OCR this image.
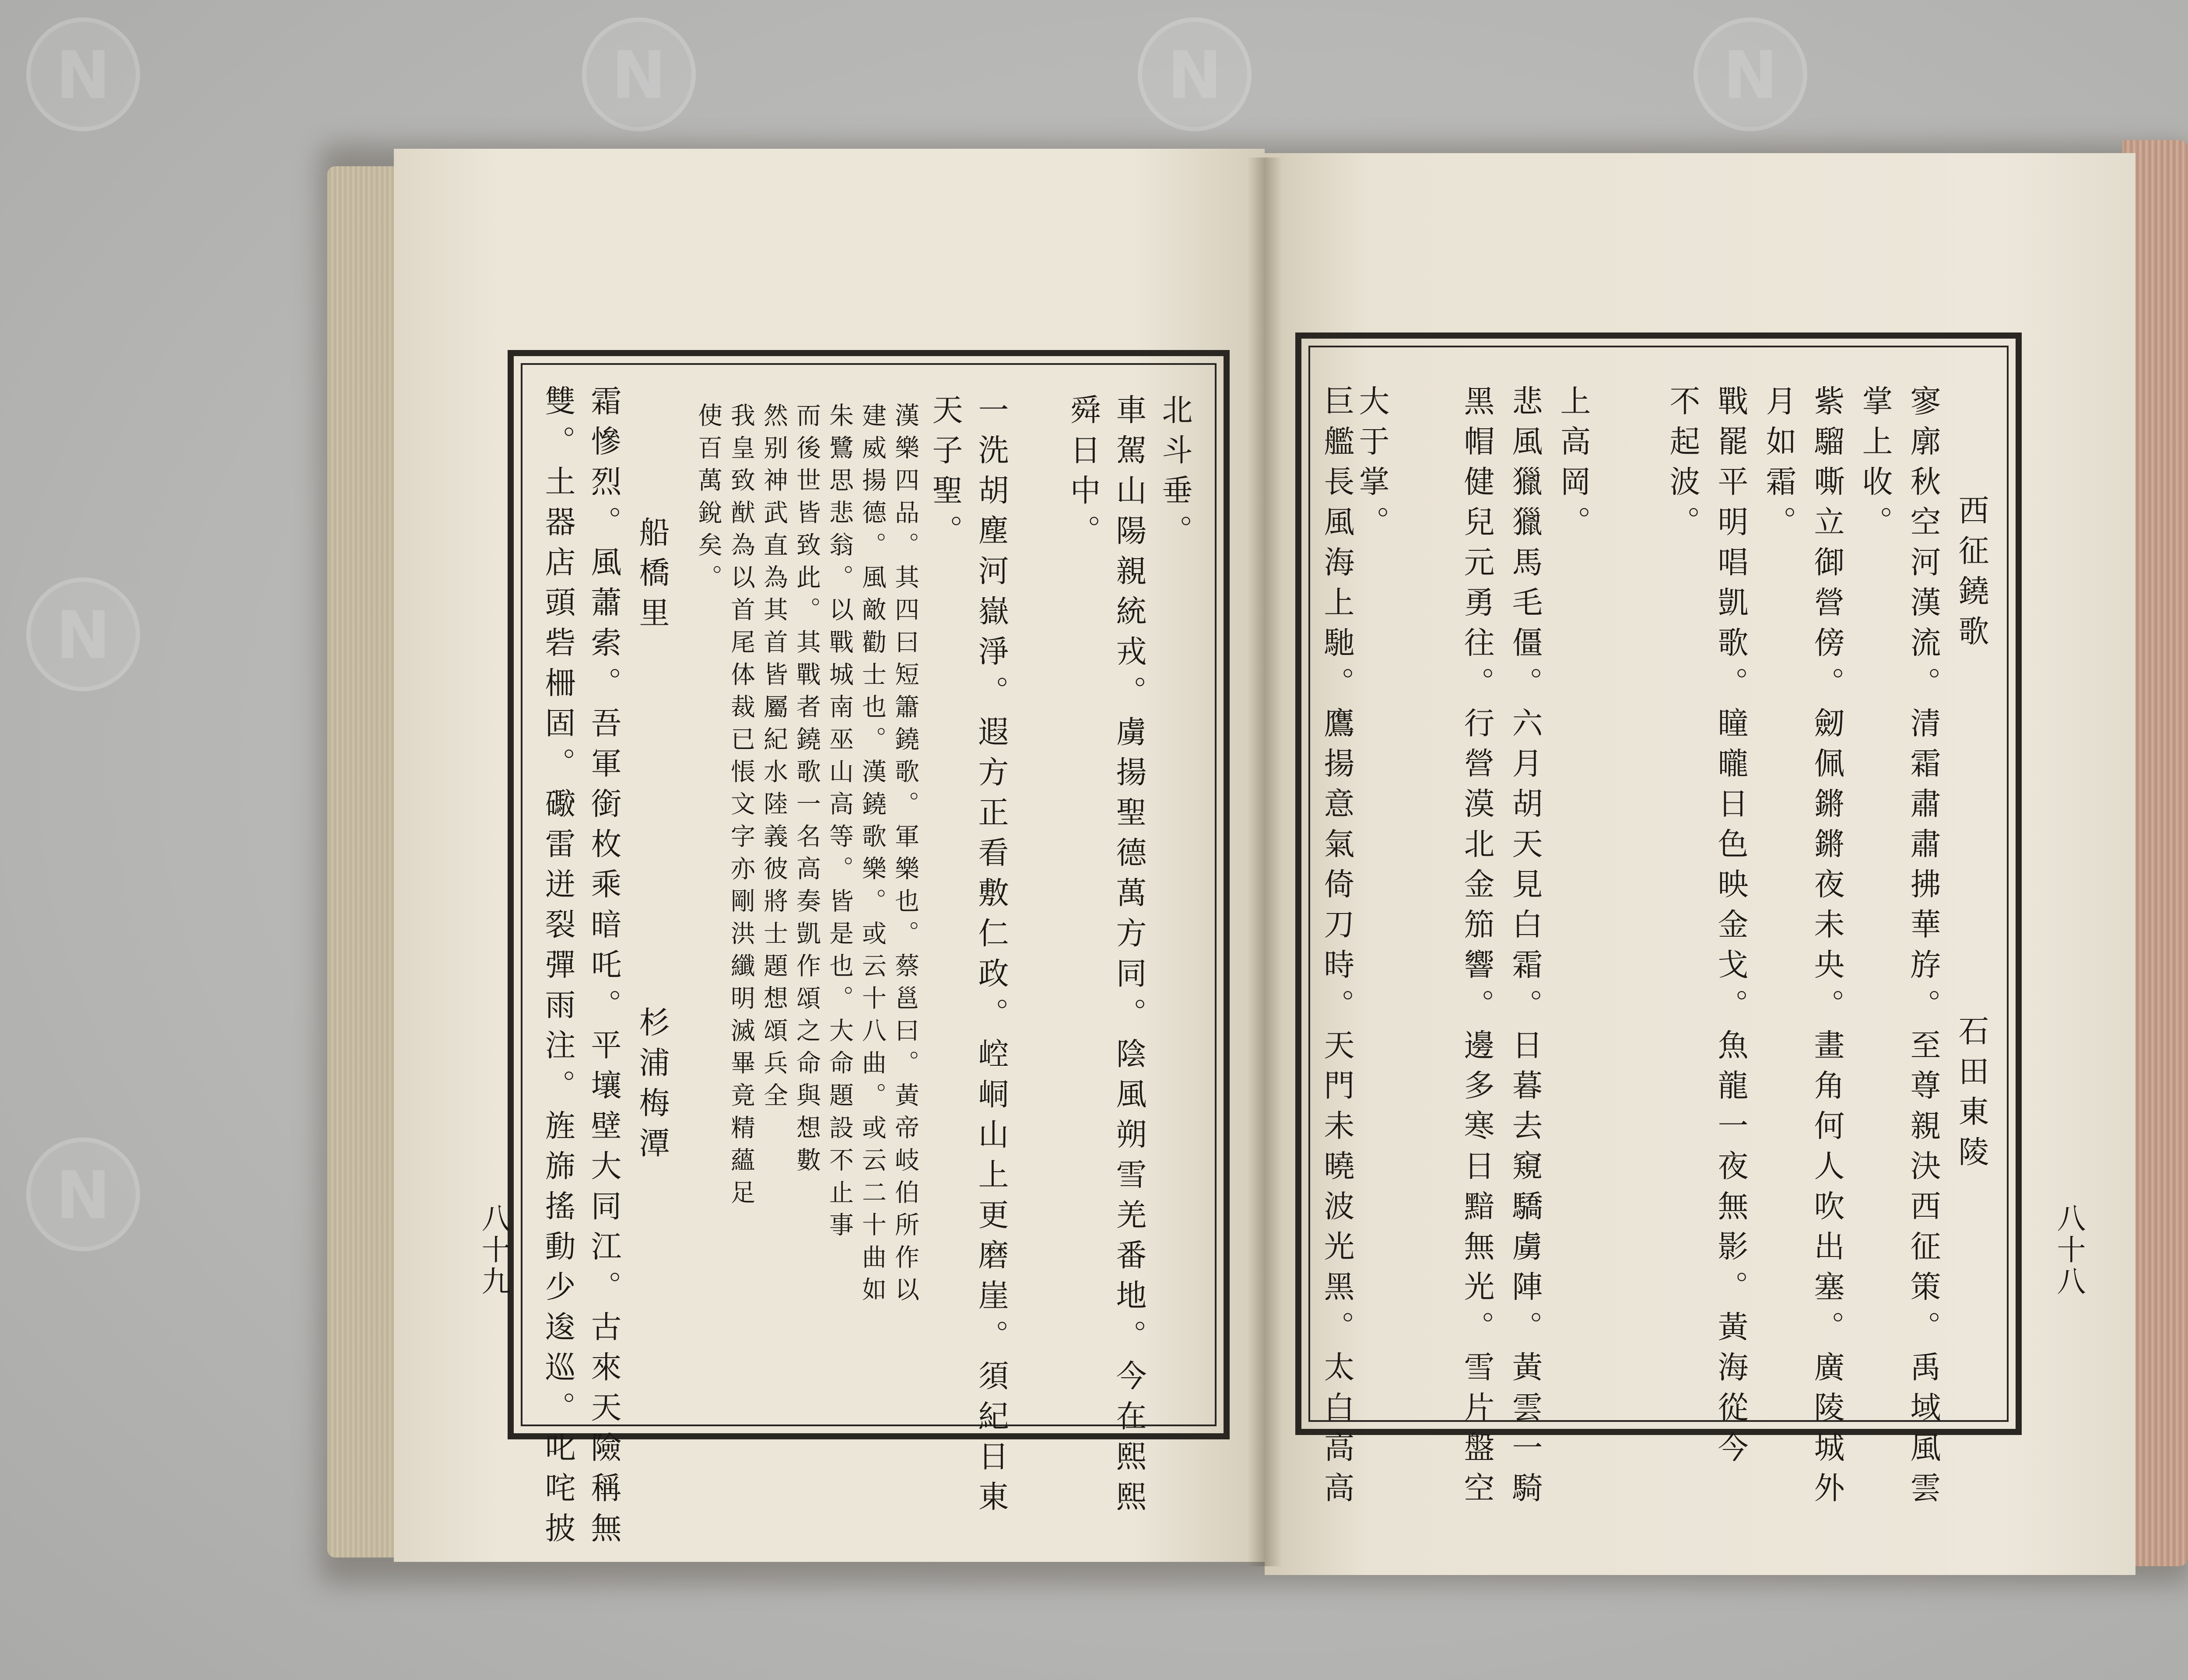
N
N
N
N
N
N
西征鐃歌
石田東陵
寥廓秋空河漢流。清霜肅肅拂華斿。至尊親決西征策。禹域風雲
掌上收。
紫騮嘶立御營傍。劒佩鏘鏘夜未央。畫角何人吹出塞。廣陵城外
月如霜。
戰罷平明唱凱歌。瞳曨日色映金戈。魚龍一夜無影。黃海從今
不起波。
上高岡。
悲風獵獵馬毛僵。六月胡天見白霜。日暮去窺驕虜陣。黃雲一騎
大于掌。 黑帽健兒元勇往。行營漠北金笳響。邊多寒日黯無光。雪片盤空
巨艦長風海上馳。鷹揚意氣倚刀時。天門未曉波光黑。太白高高	八十八
北斗垂。
車駕山陽親統戎。虜揚聖德萬方同。陰風朔雪羌番地。今在熙熙
舜日中。
一洗胡塵河嶽淨。遐方正看敷仁政。崆峒山上更磨崖。須紀日東
天子聖。
漢樂四品。其四曰短簫鐃歌。軍樂也。蔡邕曰。黃帝岐伯所作以
建威揚德。風敵勸士也。漢鐃歌樂。或云十八曲。或云二十曲如
朱鷺思悲翁。以戰城南巫山高等。皆是也。大命題設不止事
而後世皆致此。其戰者鐃歌一名高奏凱作頌之命與想數
然别神武直為其首皆屬紀水陸義彼將士題想頌兵全
我皇致猷為以首尾体裁已悵文字亦剛洪纖明滅畢竟精蘊足
使百萬銳矣。
船橋里
杉浦梅潭
霜慘烈。風蕭索。吾軍銜枚乘暗吒。平壤壁大同江。古來天險稱無
雙。土器店頭砦柵固。礮雷迸裂彈雨注。旌旆搖動少逡巡。叱咤披
八十九
